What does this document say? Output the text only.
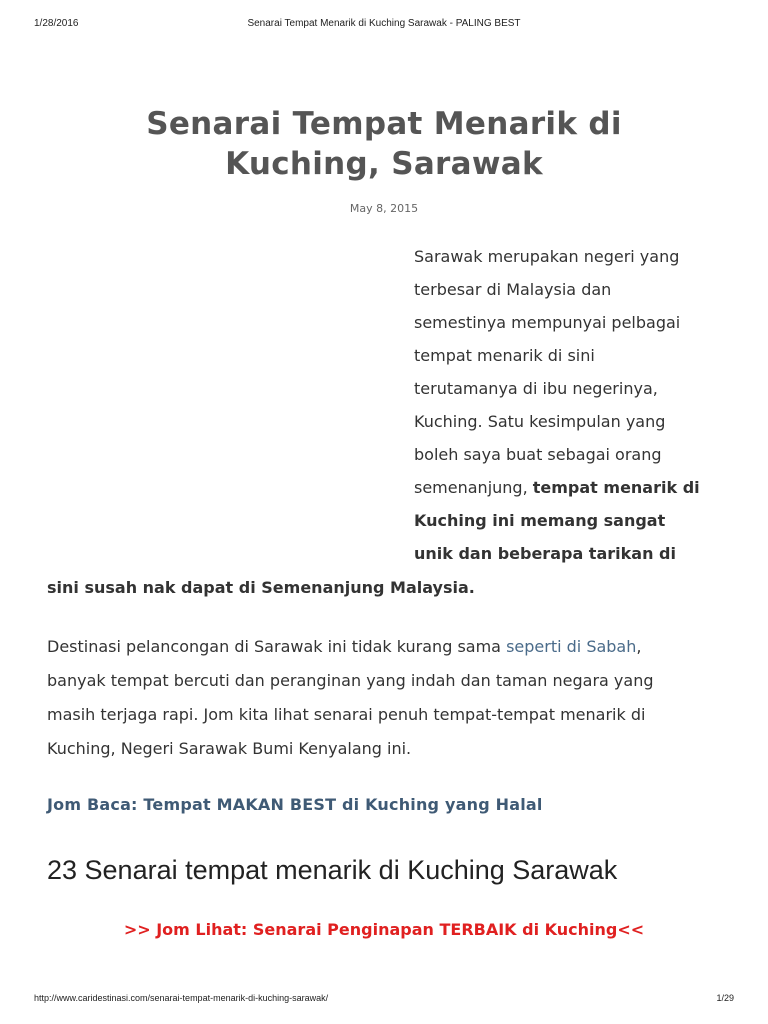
1/28/2016	Senarai Tempat Menarik di Kuching Sarawak - PALING BEST
Senarai Tempat Menarik di
Kuching, Sarawak
May 8, 2015
Sarawak merupakan negeri yang
terbesar di Malaysia dan
semestinya mempunyai pelbagai
tempat menarik di sini
terutamanya di ibu negerinya,
Kuching. Satu kesimpulan yang
boleh saya buat sebagai orang
semenanjung, tempat menarik di
Kuching ini memang sangat
unik dan beberapa tarikan di
sini susah nak dapat di Semenanjung Malaysia.
Destinasi pelancongan di Sarawak ini tidak kurang sama seperti di Sabah,
banyak tempat bercuti dan peranginan yang indah dan taman negara yang
masih terjaga rapi. Jom kita lihat senarai penuh tempat-tempat menarik di
Kuching, Negeri Sarawak Bumi Kenyalang ini.
Jom Baca: Tempat MAKAN BEST di Kuching yang Halal
23 Senarai tempat menarik di Kuching Sarawak
>> Jom Lihat: Senarai Penginapan TERBAIK di Kuching<<
http://www.caridestinasi.com/senarai-tempat-menarik-di-kuching-sarawak/	1/29
